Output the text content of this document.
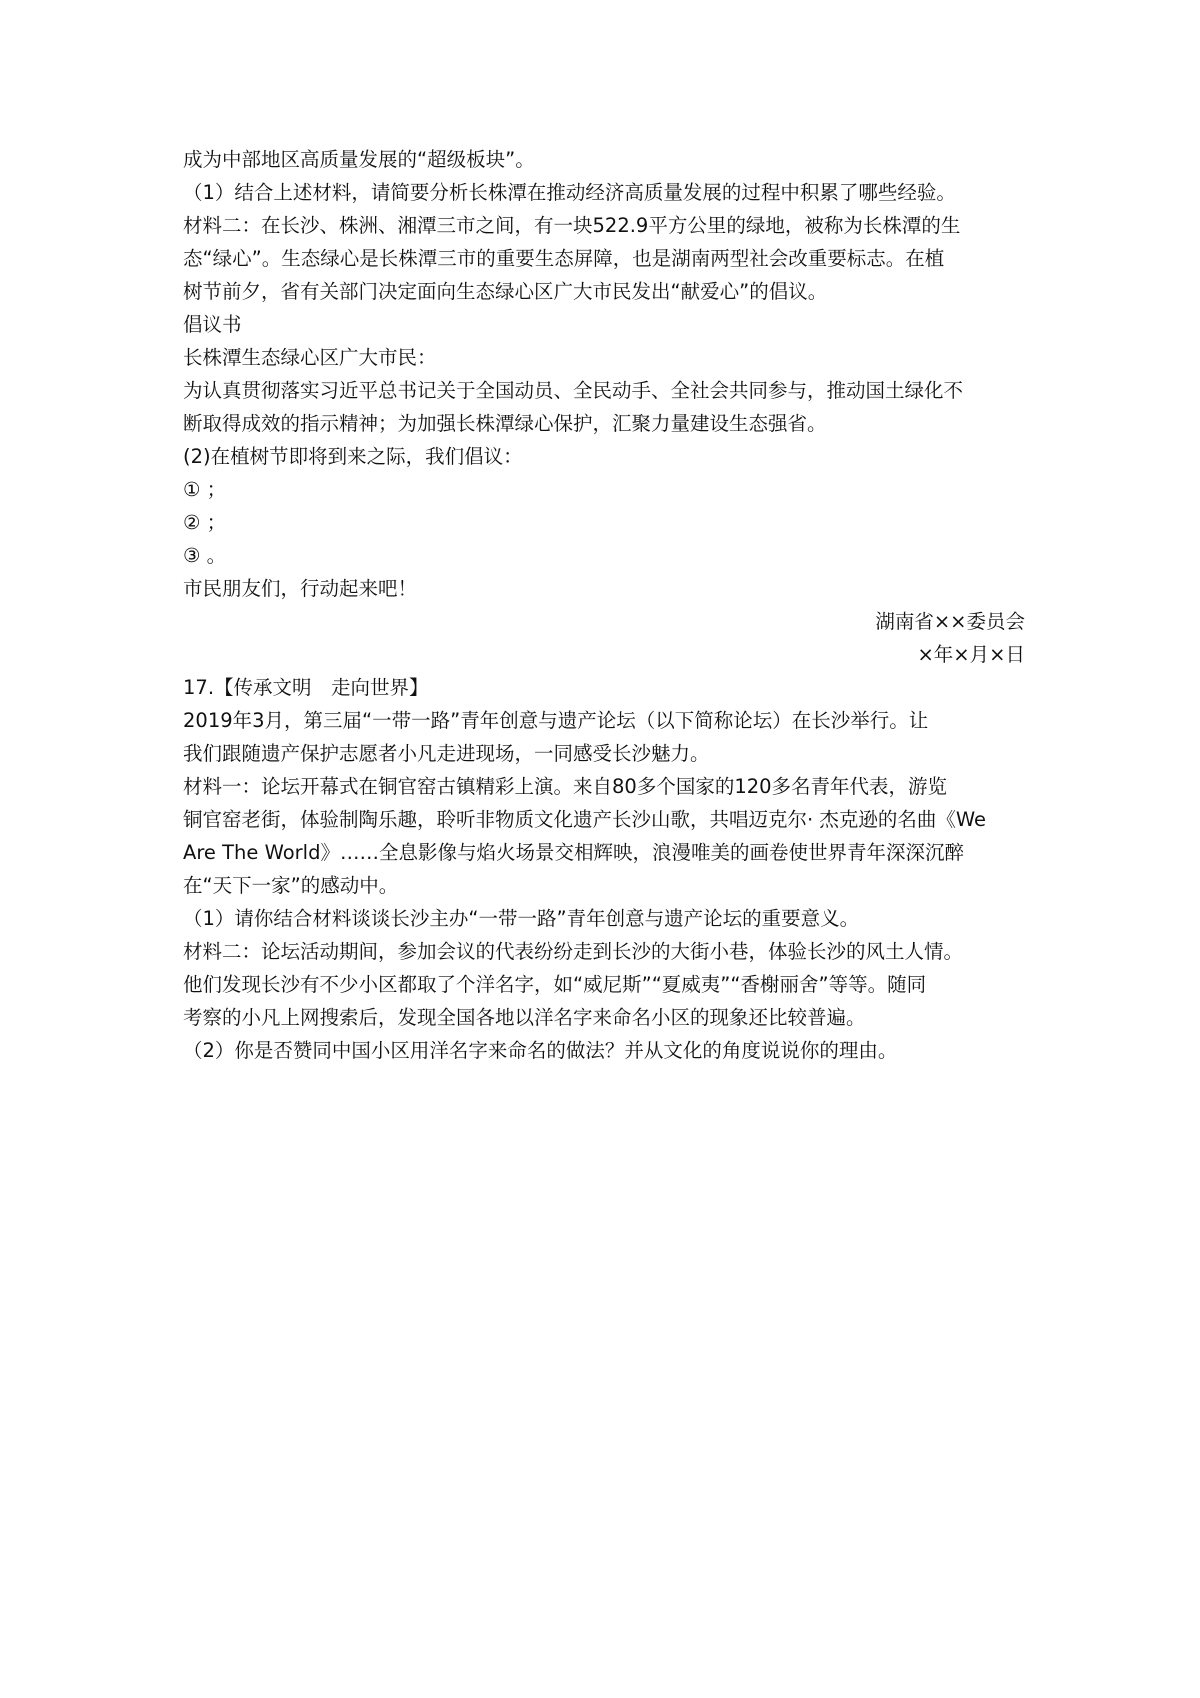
成为中部地区高质量发展的“超级板块”。
（1）结合上述材料，请简要分析长株潭在推动经济高质量发展的过程中积累了哪些经验。
材料二：在长沙、株洲、湘潭三市之间，有一块522.9平方公里的绿地，被称为长株潭的生
态“绿心”。生态绿心是长株潭三市的重要生态屏障，也是湖南两型社会改重要标志。在植
树节前夕，省有关部门决定面向生态绿心区广大市民发出“献爱心”的倡议。
倡议书
长株潭生态绿心区广大市民：
为认真贯彻落实习近平总书记关于全国动员、全民动手、全社会共同参与，推动国土绿化不
断取得成效的指示精神；为加强长株潭绿心保护，汇聚力量建设生态强省。
(2)在植树节即将到来之际，我们倡议：
① ；
② ；
③ 。
市民朋友们，行动起来吧！
湖南省××委员会
×年×月×日
17.【传承文明　走向世界】
2019年3月，第三届“一带一路”青年创意与遗产论坛（以下简称论坛）在长沙举行。让
我们跟随遗产保护志愿者小凡走进现场，一同感受长沙魅力。
材料一：论坛开幕式在铜官窑古镇精彩上演。来自80多个国家的120多名青年代表，游览
铜官窑老街，体验制陶乐趣，聆听非物质文化遗产长沙山歌，共唱迈克尔· 杰克逊的名曲《We
Are The World》……全息影像与焰火场景交相辉映，浪漫唯美的画卷使世界青年深深沉醉
在“天下一家”的感动中。
（1）请你结合材料谈谈长沙主办“一带一路”青年创意与遗产论坛的重要意义。
材料二：论坛活动期间，参加会议的代表纷纷走到长沙的大街小巷，体验长沙的风土人情。
他们发现长沙有不少小区都取了个洋名字，如“威尼斯”“夏威夷”“香榭丽舍”等等。随同
考察的小凡上网搜索后，发现全国各地以洋名字来命名小区的现象还比较普遍。
（2）你是否赞同中国小区用洋名字来命名的做法？并从文化的角度说说你的理由。
